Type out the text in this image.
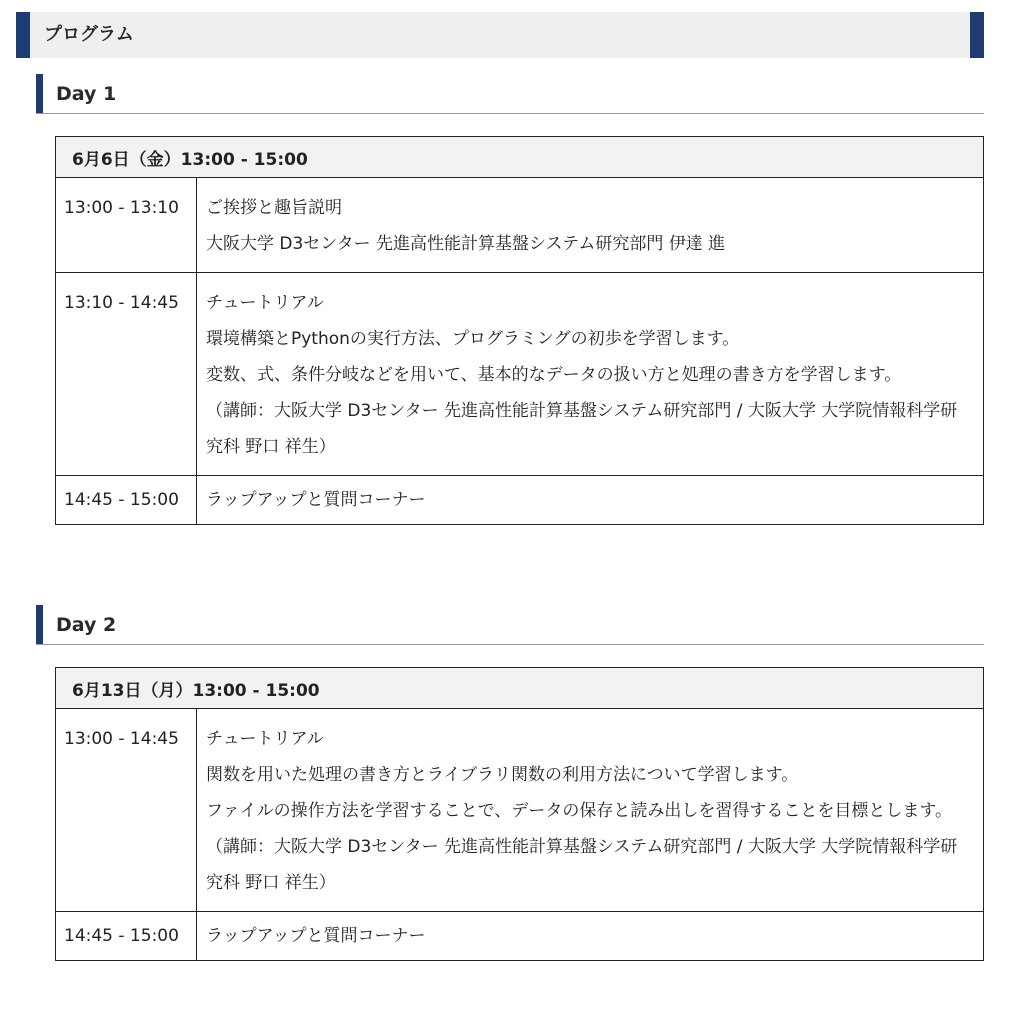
プログラム
Day 1
6月6日（金）13:00 - 15:00	
13:00 - 13:10	ご挨拶と趣旨説明
大阪大学 D3センター 先進高性能計算基盤システム研究部門 伊達 進

13:10 - 14:45	チュートリアル
環境構築とPythonの実行方法、プログラミングの初歩を学習します。
変数、式、条件分岐などを用いて、基本的なデータの扱い方と処理の書き方を学習します。
（講師：大阪大学 D3センター 先進高性能計算基盤システム研究部門 / 大阪大学 大学院情報科学研究科 野口 祥生）

14:45 - 15:00	ラップアップと質問コーナー
Day 2
6月13日（月）13:00 - 15:00	
13:00 - 14:45	チュートリアル
関数を用いた処理の書き方とライブラリ関数の利用方法について学習します。
ファイルの操作方法を学習することで、データの保存と読み出しを習得することを目標とします。
（講師：大阪大学 D3センター 先進高性能計算基盤システム研究部門 / 大阪大学 大学院情報科学研究科 野口 祥生）

14:45 - 15:00	ラップアップと質問コーナー
